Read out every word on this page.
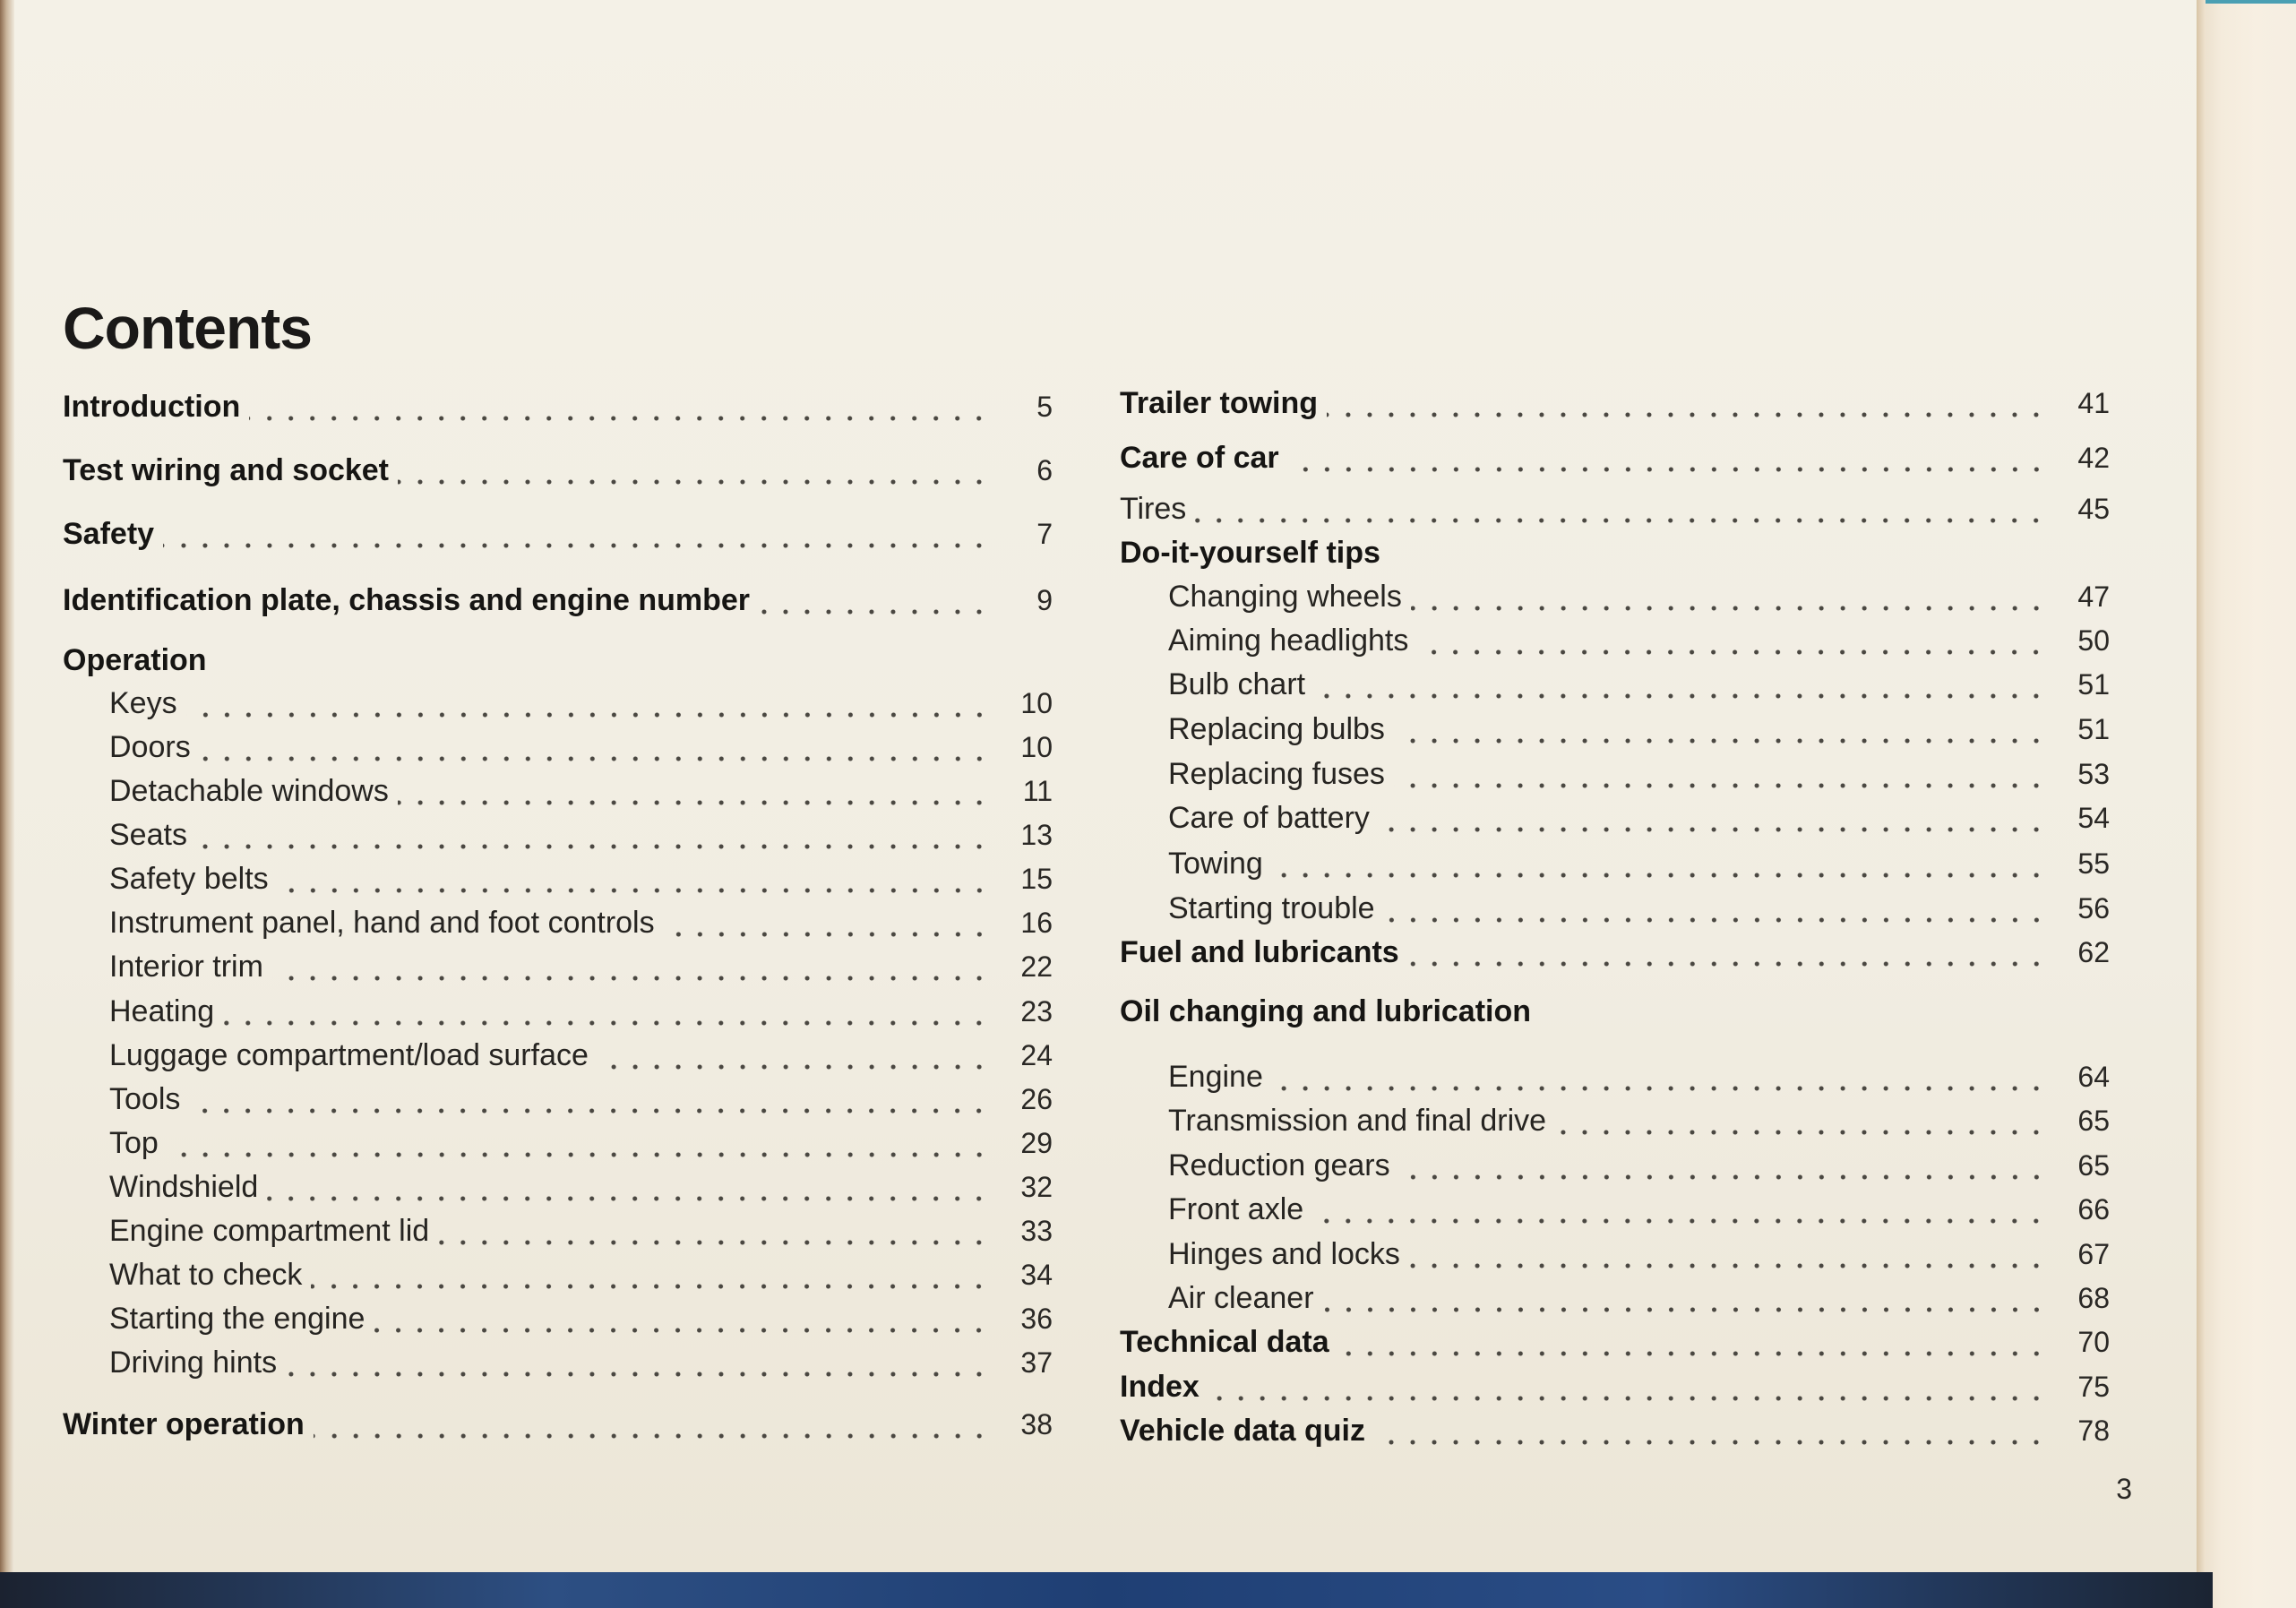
Contents
Introduction	5
Test wiring and socket	6
Safety	7
Identification plate, chassis and engine number	9
Operation
Keys	10
Doors	10
Detachable windows	11
Seats	13
Safety belts	15
Instrument panel, hand and foot controls	16
Interior trim	22
Heating	23
Luggage compartment/load surface	24
Tools	26
Top	29
Windshield	32
Engine compartment lid	33
What to check	34
Starting the engine	36
Driving hints	37
Winter operation	38
Trailer towing	41
Care of car	42
Tires	45
Do-it-yourself tips
Changing wheels	47
Aiming headlights	50
Bulb chart	51
Replacing bulbs	51
Replacing fuses	53
Care of battery	54
Towing	55
Starting trouble	56
Fuel and lubricants	62
Oil changing and lubrication
Engine	64
Transmission and final drive	65
Reduction gears	65
Front axle	66
Hinges and locks	67
Air cleaner	68
Technical data	70
Index	75
Vehicle data quiz	78
3
